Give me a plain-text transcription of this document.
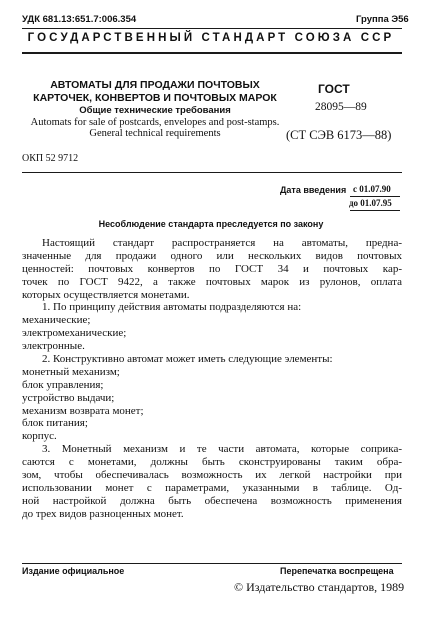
УДК 681.13:651.7:006.354	Группа Э56
ГОСУДАРСТВЕННЫЙ СТАНДАРТ СОЮЗА ССР
АВТОМАТЫ ДЛЯ ПРОДАЖИ ПОЧТОВЫХ КАРТОЧЕК, КОНВЕРТОВ И ПОЧТОВЫХ МАРОК
Общие технические требования
Automats for sale of postcards, envelopes and post-stamps. General technical requirements
ГОСТ
28095—89
(СТ СЭВ 6173—88)
ОКП 52 9712
Дата введения с 01.07.90
до 01.07.95
Несоблюдение стандарта преследуется по закону
Настоящий стандарт распространяется на автоматы, предна-
значенные для продажи одного или нескольких видов почтовых
ценностей: почтовых конвертов по ГОСТ 34 и почтовых кар-
точек по ГОСТ 9422, а также почтовых марок из рулонов, оплата
которых осуществляется монетами.
1. По принципу действия автоматы подразделяются на:
механические;
электромеханические;
электронные.
2. Конструктивно автомат может иметь следующие элементы:
монетный механизм;
блок управления;
устройство выдачи;
механизм возврата монет;
блок питания;
корпус.
3. Монетный механизм и те части автомата, которые соприка-
саются с монетами, должны быть сконструированы таким обра-
зом, чтобы обеспечивалась возможность их легкой настройки при
использовании монет с параметрами, указанными в таблице. Од-
ной настройкой должна быть обеспечена возможность применения
до трех видов разноценных монет.
Издание официальное	Перепечатка воспрещена
© Издательство стандартов, 1989
